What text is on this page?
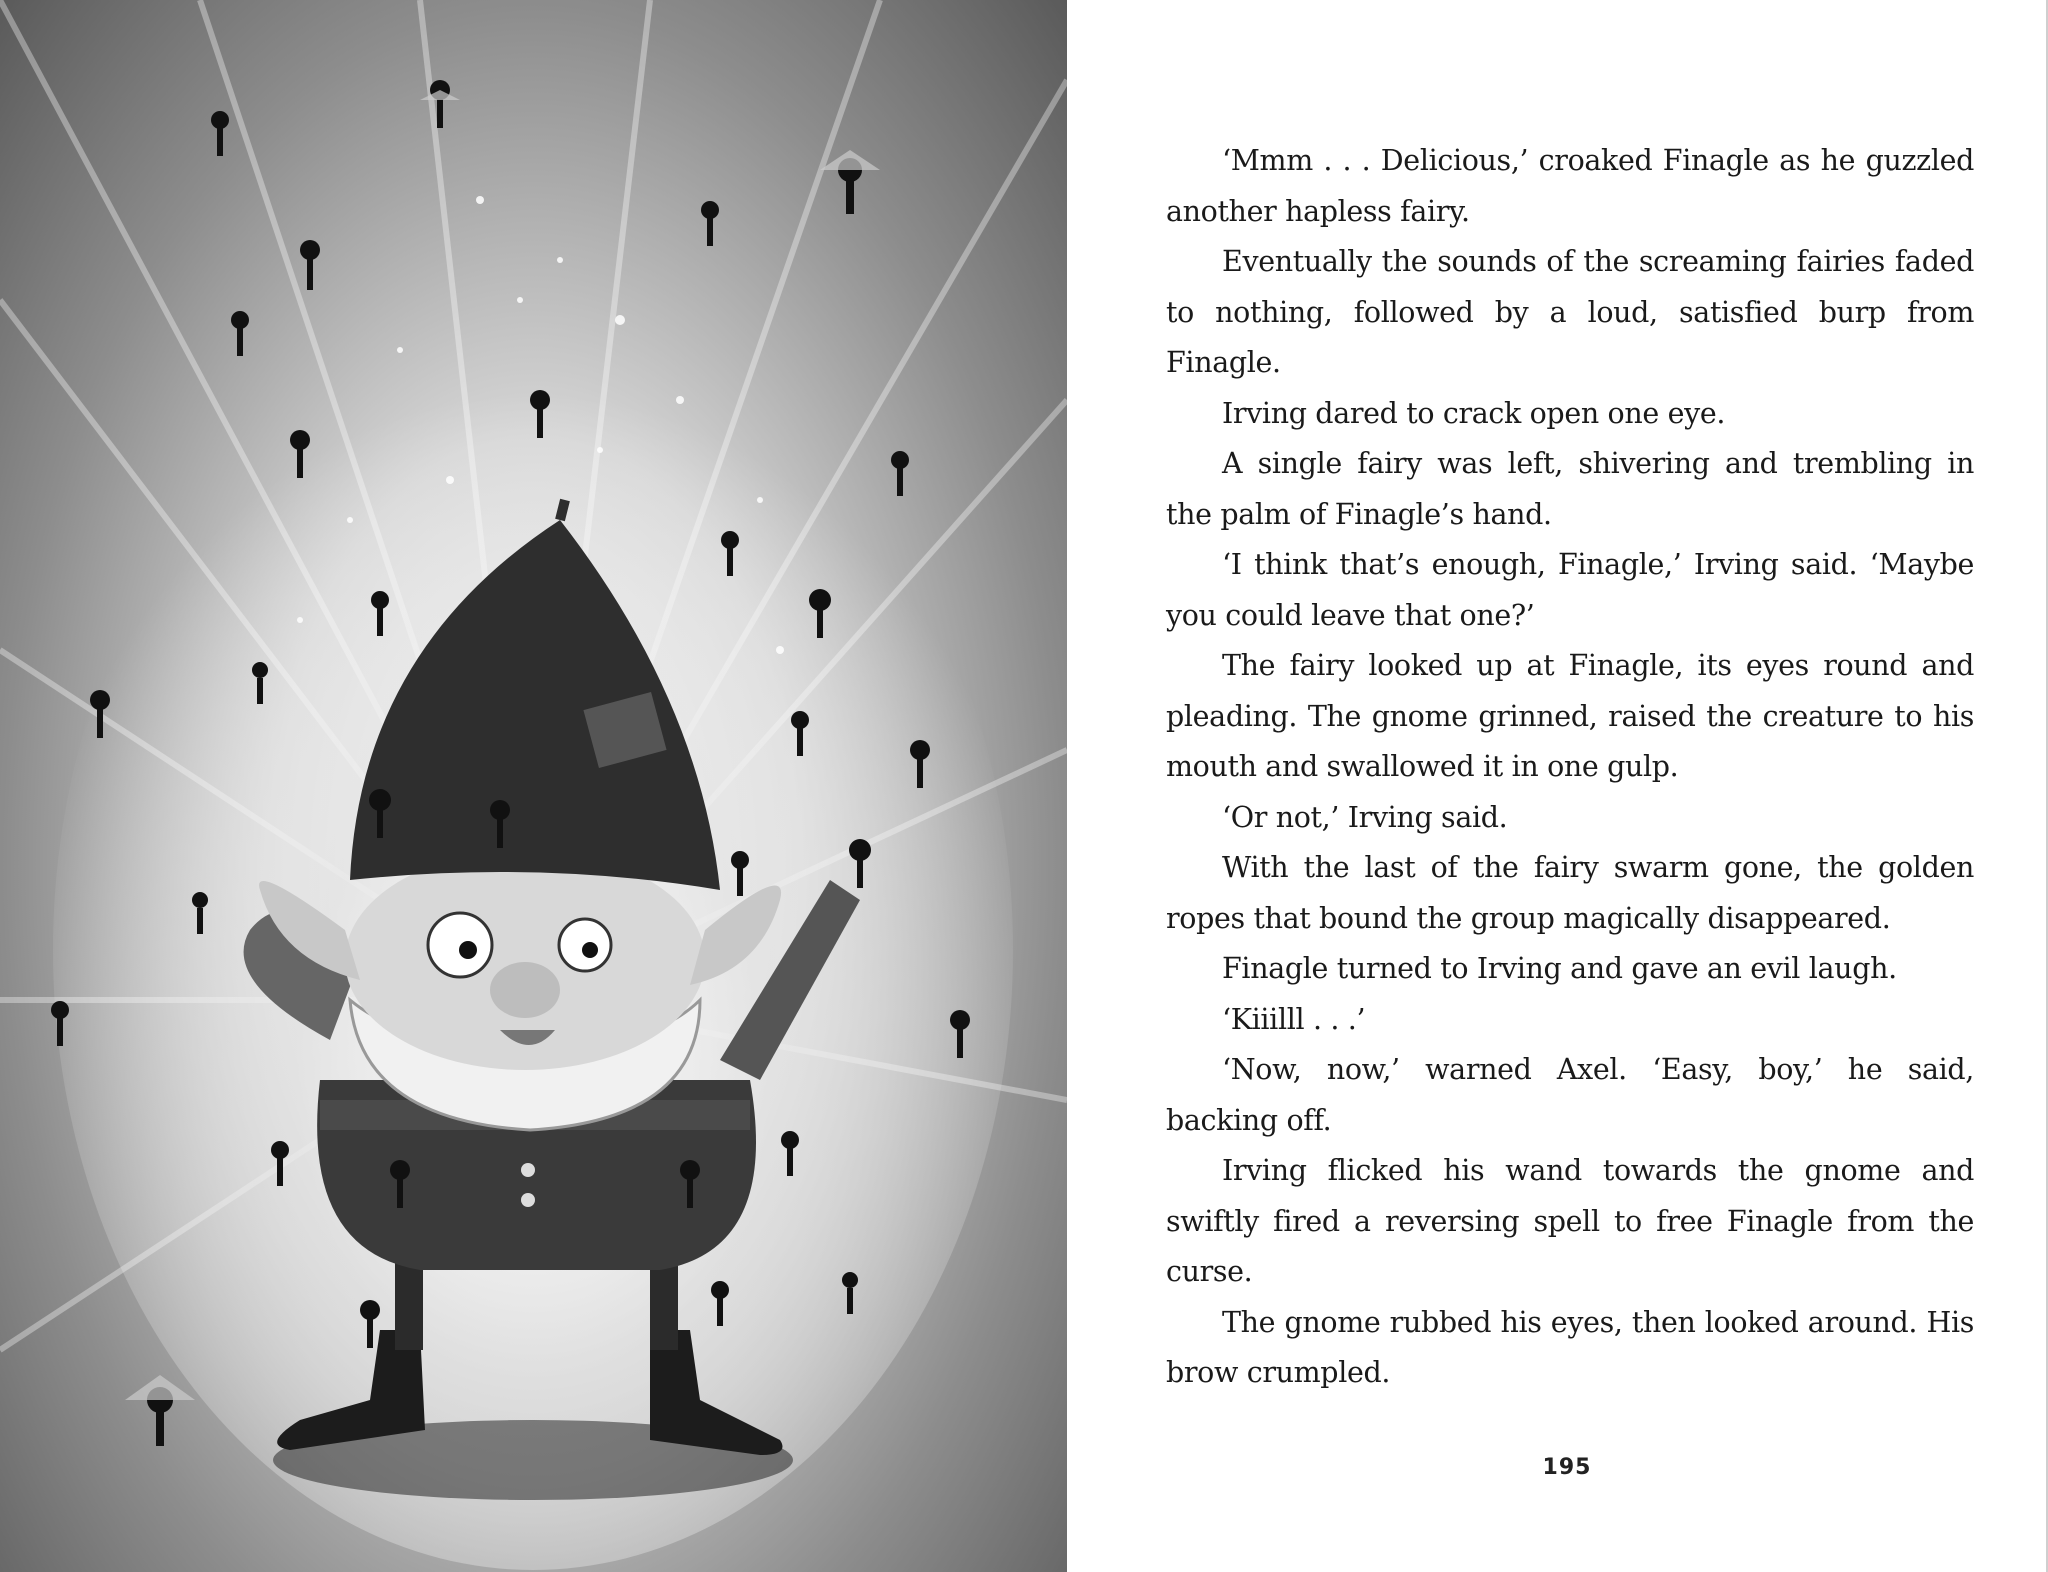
‘Mmm . . . Delicious,’ croaked Finagle as he guzzled another hapless fairy.

Eventually the sounds of the screaming fairies faded to nothing, followed by a loud, satisfied burp from Finagle.

Irving dared to crack open one eye.

A single fairy was left, shivering and trembling in the palm of Finagle’s hand.

‘I think that’s enough, Finagle,’ Irving said. ‘Maybe you could leave that one?’

The fairy looked up at Finagle, its eyes round and pleading. The gnome grinned, raised the creature to his mouth and swallowed it in one gulp.

‘Or not,’ Irving said.

With the last of the fairy swarm gone, the golden ropes that bound the group magically disappeared.

Finagle turned to Irving and gave an evil laugh.

‘Kiiilll . . .’

‘Now, now,’ warned Axel. ‘Easy, boy,’ he said, backing off.

Irving flicked his wand towards the gnome and swiftly fired a reversing spell to free Finagle from the curse.

The gnome rubbed his eyes, then looked around. His brow crumpled.

195
